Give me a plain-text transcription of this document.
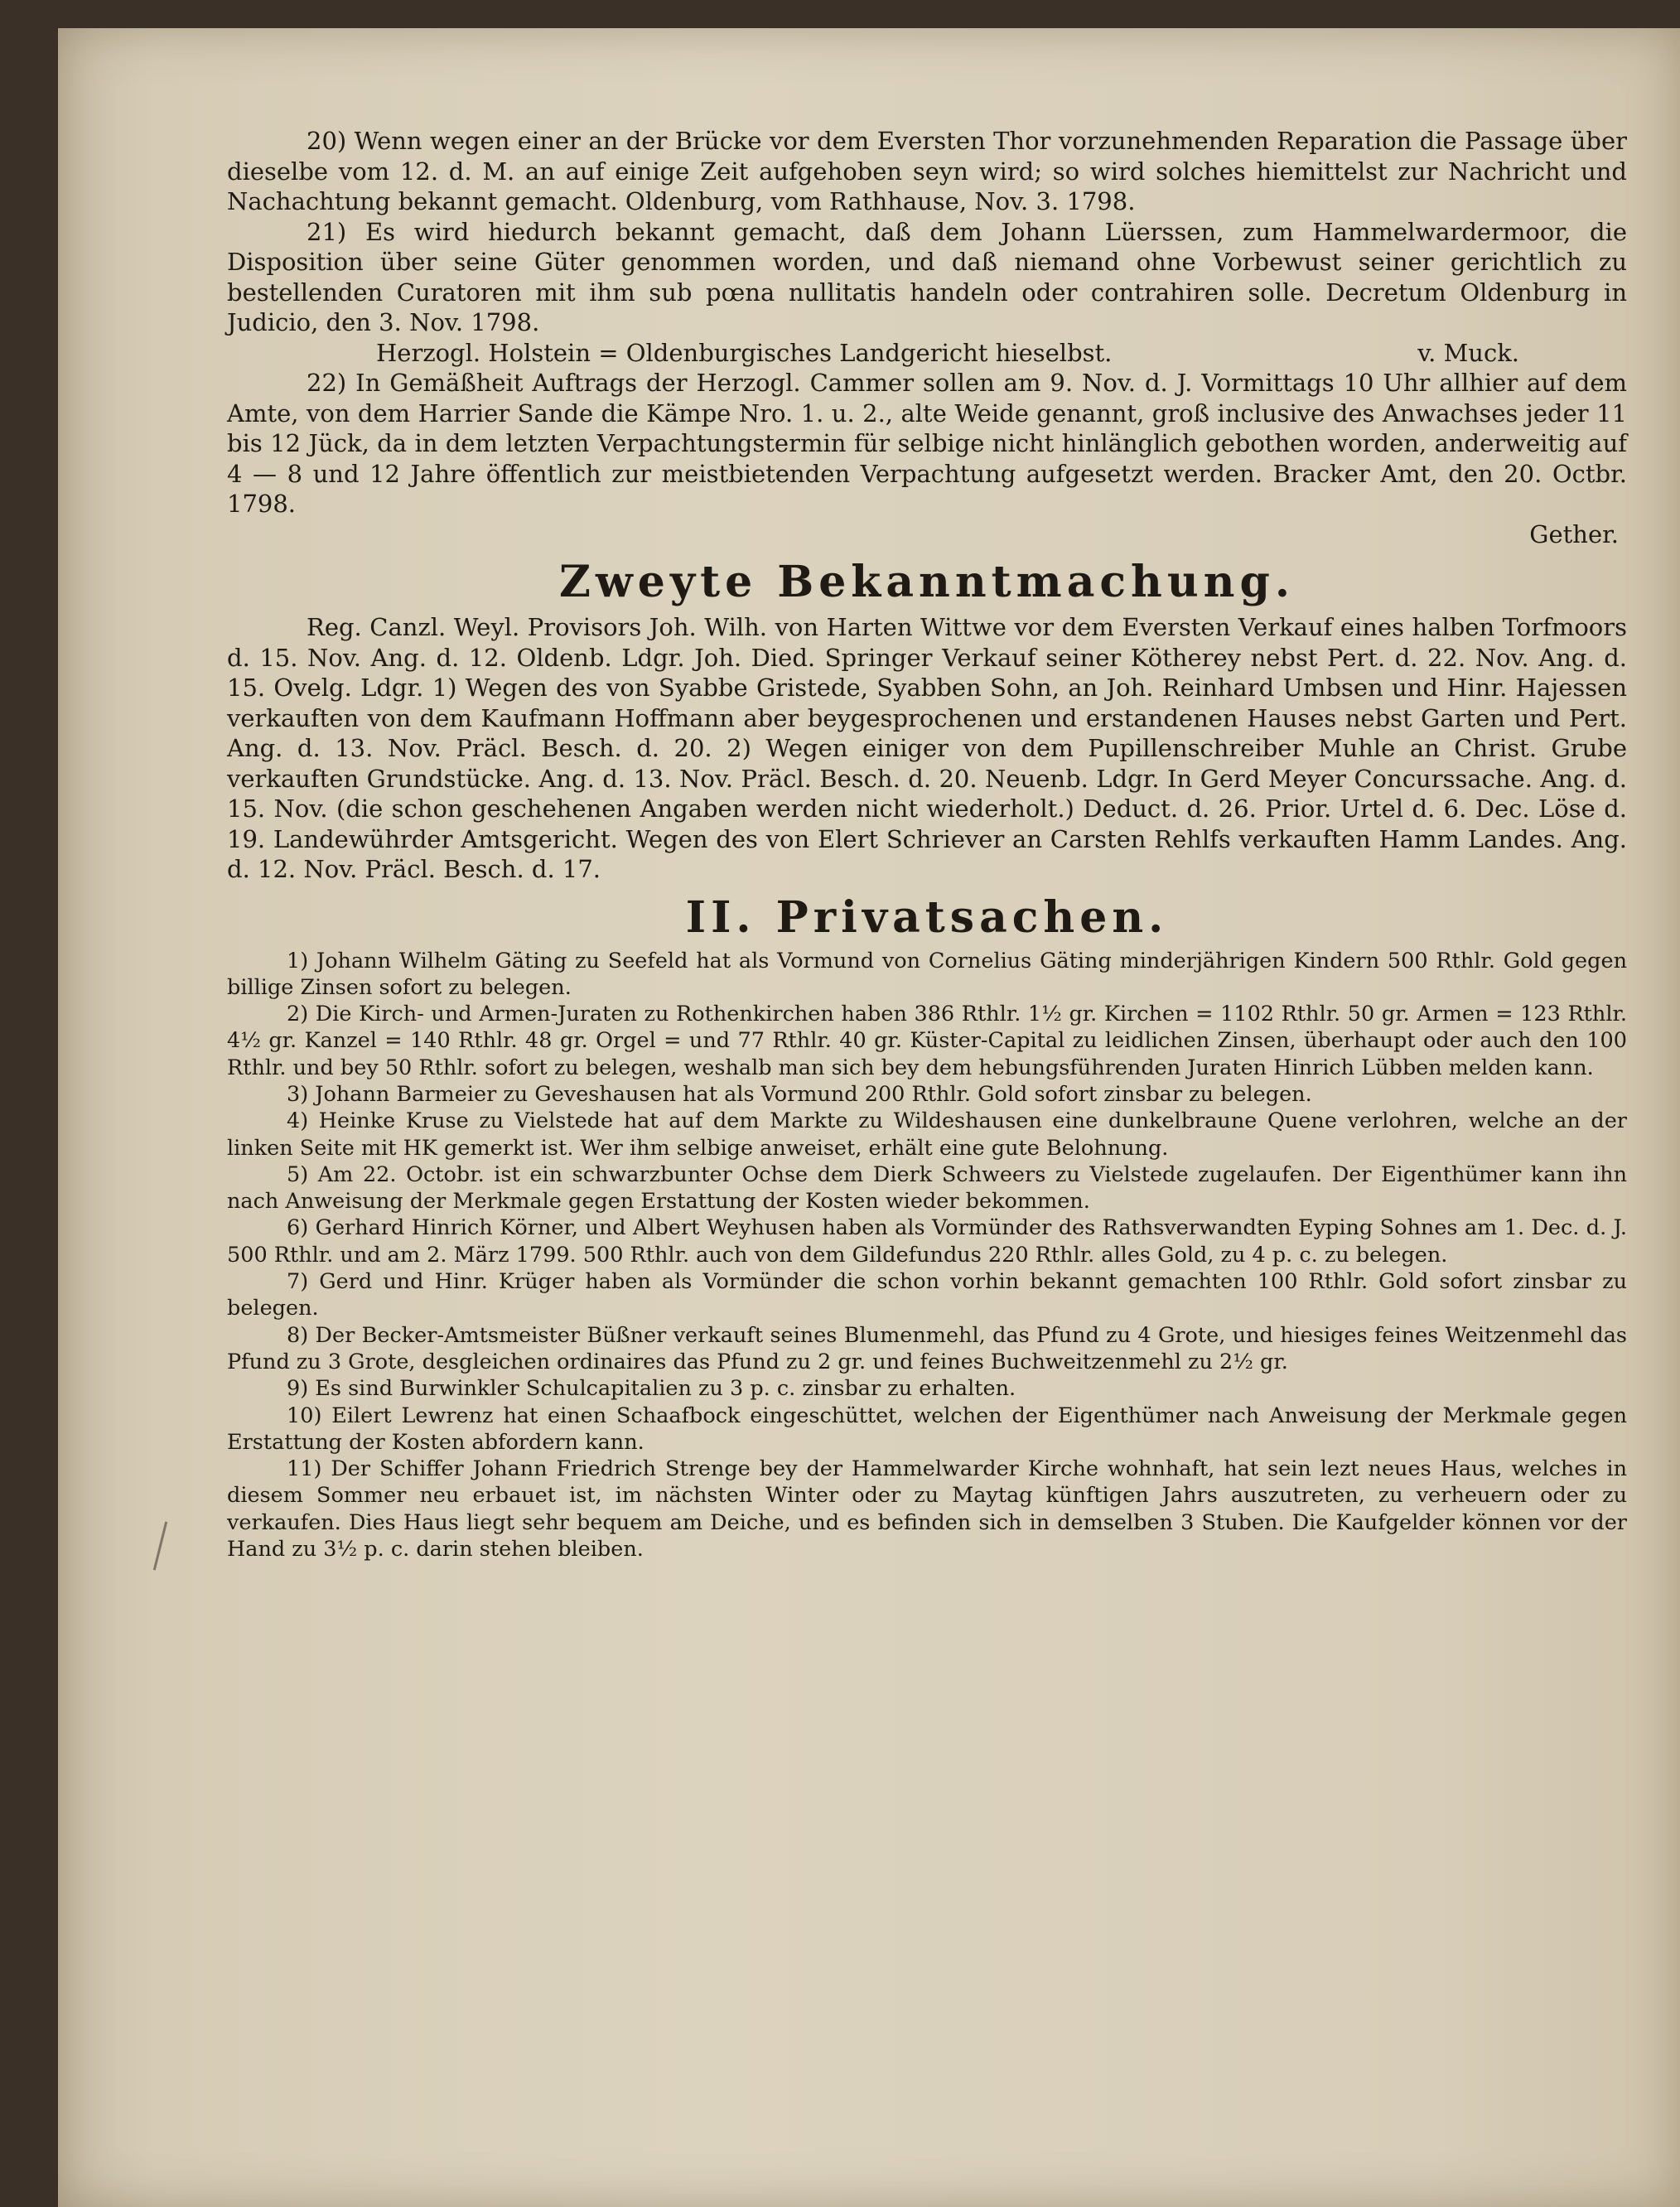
20) Wenn wegen einer an der Brücke vor dem Eversten Thor vorzunehmenden Reparation die Passage über dieselbe vom 12. d. M. an auf einige Zeit aufgehoben seyn wird; so wird solches hiemittelst zur Nachricht und Nachachtung bekannt gemacht. Oldenburg, vom Rathhause, Nov. 3. 1798.

21) Es wird hiedurch bekannt gemacht, daß dem Johann Lüerssen, zum Hammelwardermoor, die Disposition über seine Güter genommen worden, und daß niemand ohne Vorbewust seiner gerichtlich zu bestellenden Curatoren mit ihm sub pœna nullitatis handeln oder contrahiren solle. Decretum Oldenburg in Judicio, den 3. Nov. 1798.

Herzogl. Holstein = Oldenburgisches Landgericht hieselbst.	v. Muck.

22) In Gemäßheit Auftrags der Herzogl. Cammer sollen am 9. Nov. d. J. Vormittags 10 Uhr allhier auf dem Amte, von dem Harrier Sande die Kämpe Nro. 1. u. 2., alte Weide genannt, groß inclusive des Anwachses jeder 11 bis 12 Jück, da in dem letzten Verpachtungstermin für selbige nicht hinlänglich gebothen worden, anderweitig auf 4 — 8 und 12 Jahre öffentlich zur meistbietenden Verpachtung aufgesetzt werden. Bracker Amt, den 20. Octbr. 1798.

Gether.

Zweyte Bekanntmachung.

Reg. Canzl. Weyl. Provisors Joh. Wilh. von Harten Wittwe vor dem Eversten Verkauf eines halben Torfmoors d. 15. Nov. Ang. d. 12. Oldenb. Ldgr. Joh. Died. Springer Verkauf seiner Kötherey nebst Pert. d. 22. Nov. Ang. d. 15. Ovelg. Ldgr. 1) Wegen des von Syabbe Gristede, Syabben Sohn, an Joh. Reinhard Umbsen und Hinr. Hajessen verkauften von dem Kaufmann Hoffmann aber beygesprochenen und erstandenen Hauses nebst Garten und Pert. Ang. d. 13. Nov. Präcl. Besch. d. 20. 2) Wegen einiger von dem Pupillenschreiber Muhle an Christ. Grube verkauften Grundstücke. Ang. d. 13. Nov. Präcl. Besch. d. 20. Neuenb. Ldgr. In Gerd Meyer Concurssache. Ang. d. 15. Nov. (die schon geschehenen Angaben werden nicht wiederholt.) Deduct. d. 26. Prior. Urtel d. 6. Dec. Löse d. 19. Landewührder Amtsgericht. Wegen des von Elert Schriever an Carsten Rehlfs verkauften Hamm Landes. Ang. d. 12. Nov. Präcl. Besch. d. 17.

II. Privatsachen.

1) Johann Wilhelm Gäting zu Seefeld hat als Vormund von Cornelius Gäting minderjährigen Kindern 500 Rthlr. Gold gegen billige Zinsen sofort zu belegen.

2) Die Kirch- und Armen-Juraten zu Rothenkirchen haben 386 Rthlr. 1½ gr. Kirchen = 1102 Rthlr. 50 gr. Armen = 123 Rthlr. 4½ gr. Kanzel = 140 Rthlr. 48 gr. Orgel = und 77 Rthlr. 40 gr. Küster-Capital zu leidlichen Zinsen, überhaupt oder auch den 100 Rthlr. und bey 50 Rthlr. sofort zu belegen, weshalb man sich bey dem hebungsführenden Juraten Hinrich Lübben melden kann.

3) Johann Barmeier zu Geveshausen hat als Vormund 200 Rthlr. Gold sofort zinsbar zu belegen.

4) Heinke Kruse zu Vielstede hat auf dem Markte zu Wildeshausen eine dunkelbraune Quene verlohren, welche an der linken Seite mit HK gemerkt ist. Wer ihm selbige anweiset, erhält eine gute Belohnung.

5) Am 22. Octobr. ist ein schwarzbunter Ochse dem Dierk Schweers zu Vielstede zugelaufen. Der Eigenthümer kann ihn nach Anweisung der Merkmale gegen Erstattung der Kosten wieder bekommen.

6) Gerhard Hinrich Körner, und Albert Weyhusen haben als Vormünder des Rathsverwandten Eyping Sohnes am 1. Dec. d. J. 500 Rthlr. und am 2. März 1799. 500 Rthlr. auch von dem Gildefundus 220 Rthlr. alles Gold, zu 4 p. c. zu belegen.

7) Gerd und Hinr. Krüger haben als Vormünder die schon vorhin bekannt gemachten 100 Rthlr. Gold sofort zinsbar zu belegen.

8) Der Becker-Amtsmeister Büßner verkauft seines Blumenmehl, das Pfund zu 4 Grote, und hiesiges feines Weitzenmehl das Pfund zu 3 Grote, desgleichen ordinaires das Pfund zu 2 gr. und feines Buchweitzenmehl zu 2½ gr.

9) Es sind Burwinkler Schulcapitalien zu 3 p. c. zinsbar zu erhalten.

10) Eilert Lewrenz hat einen Schaafbock eingeschüttet, welchen der Eigenthümer nach Anweisung der Merkmale gegen Erstattung der Kosten abfordern kann.

11) Der Schiffer Johann Friedrich Strenge bey der Hammelwarder Kirche wohnhaft, hat sein lezt neues Haus, welches in diesem Sommer neu erbauet ist, im nächsten Winter oder zu Maytag künftigen Jahrs auszutreten, zu verheuern oder zu verkaufen. Dies Haus liegt sehr bequem am Deiche, und es befinden sich in demselben 3 Stuben. Die Kaufgelder können vor der Hand zu 3½ p. c. darin stehen bleiben.
